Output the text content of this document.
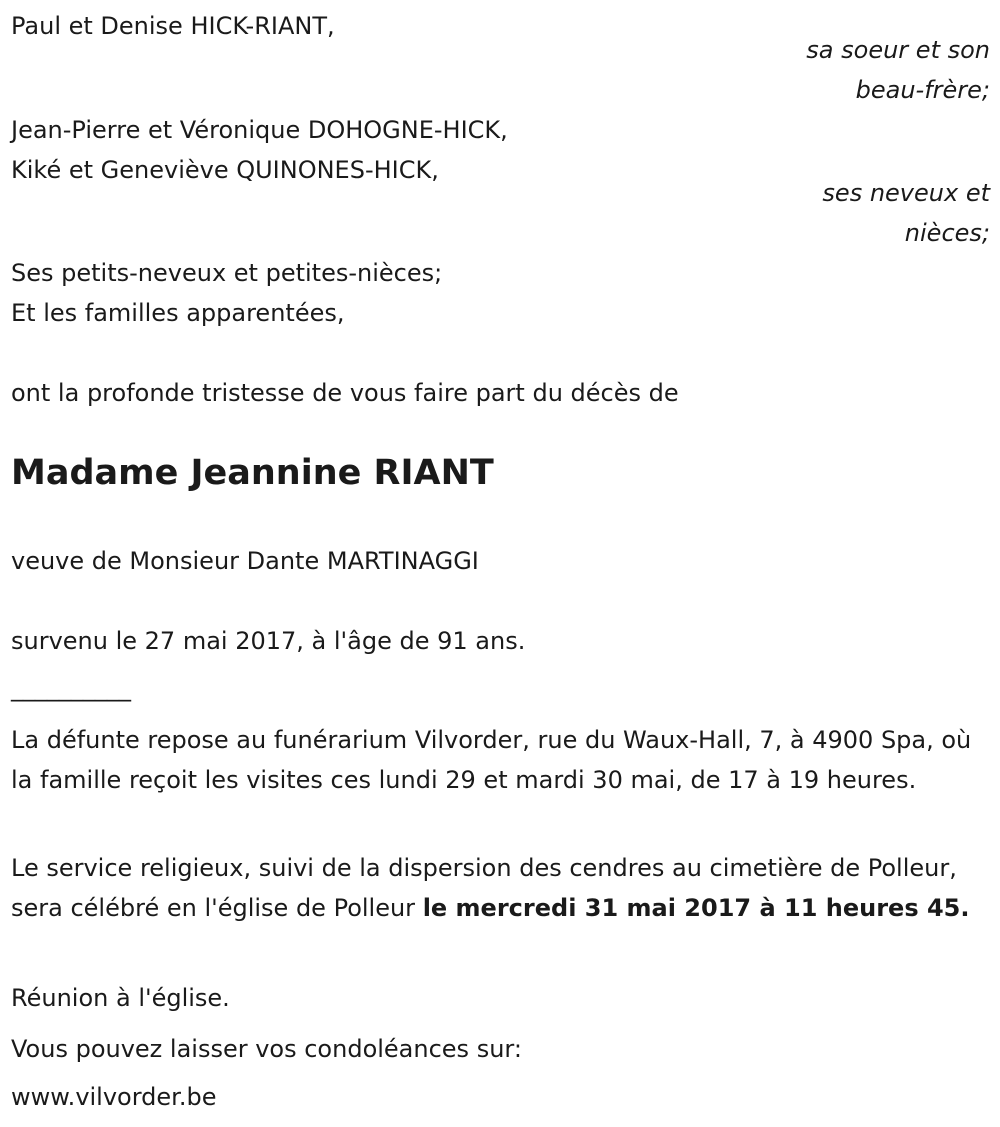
Paul et Denise HICK-RIANT,
sa soeur et son
beau-frère;
Jean-Pierre et Véronique DOHOGNE-HICK,
Kiké et Geneviève QUINONES-HICK,
ses neveux et
nièces;
Ses petits-neveux et petites-nièces;
Et les familles apparentées,
ont la profonde tristesse de vous faire part du décès de
Madame Jeannine RIANT
veuve de Monsieur Dante MARTINAGGI
survenu le 27 mai 2017, à l'âge de 91 ans.
__________
La défunte repose au funérarium Vilvorder, rue du Waux-Hall, 7, à 4900 Spa, où la famille reçoit les visites ces lundi 29 et mardi 30 mai, de 17 à 19 heures.
Le service religieux, suivi de la dispersion des cendres au cimetière de Polleur, sera célébré en l'église de Polleur le mercredi 31 mai 2017 à 11 heures 45.
Réunion à l'église.
Vous pouvez laisser vos condoléances sur:
www.vilvorder.be
